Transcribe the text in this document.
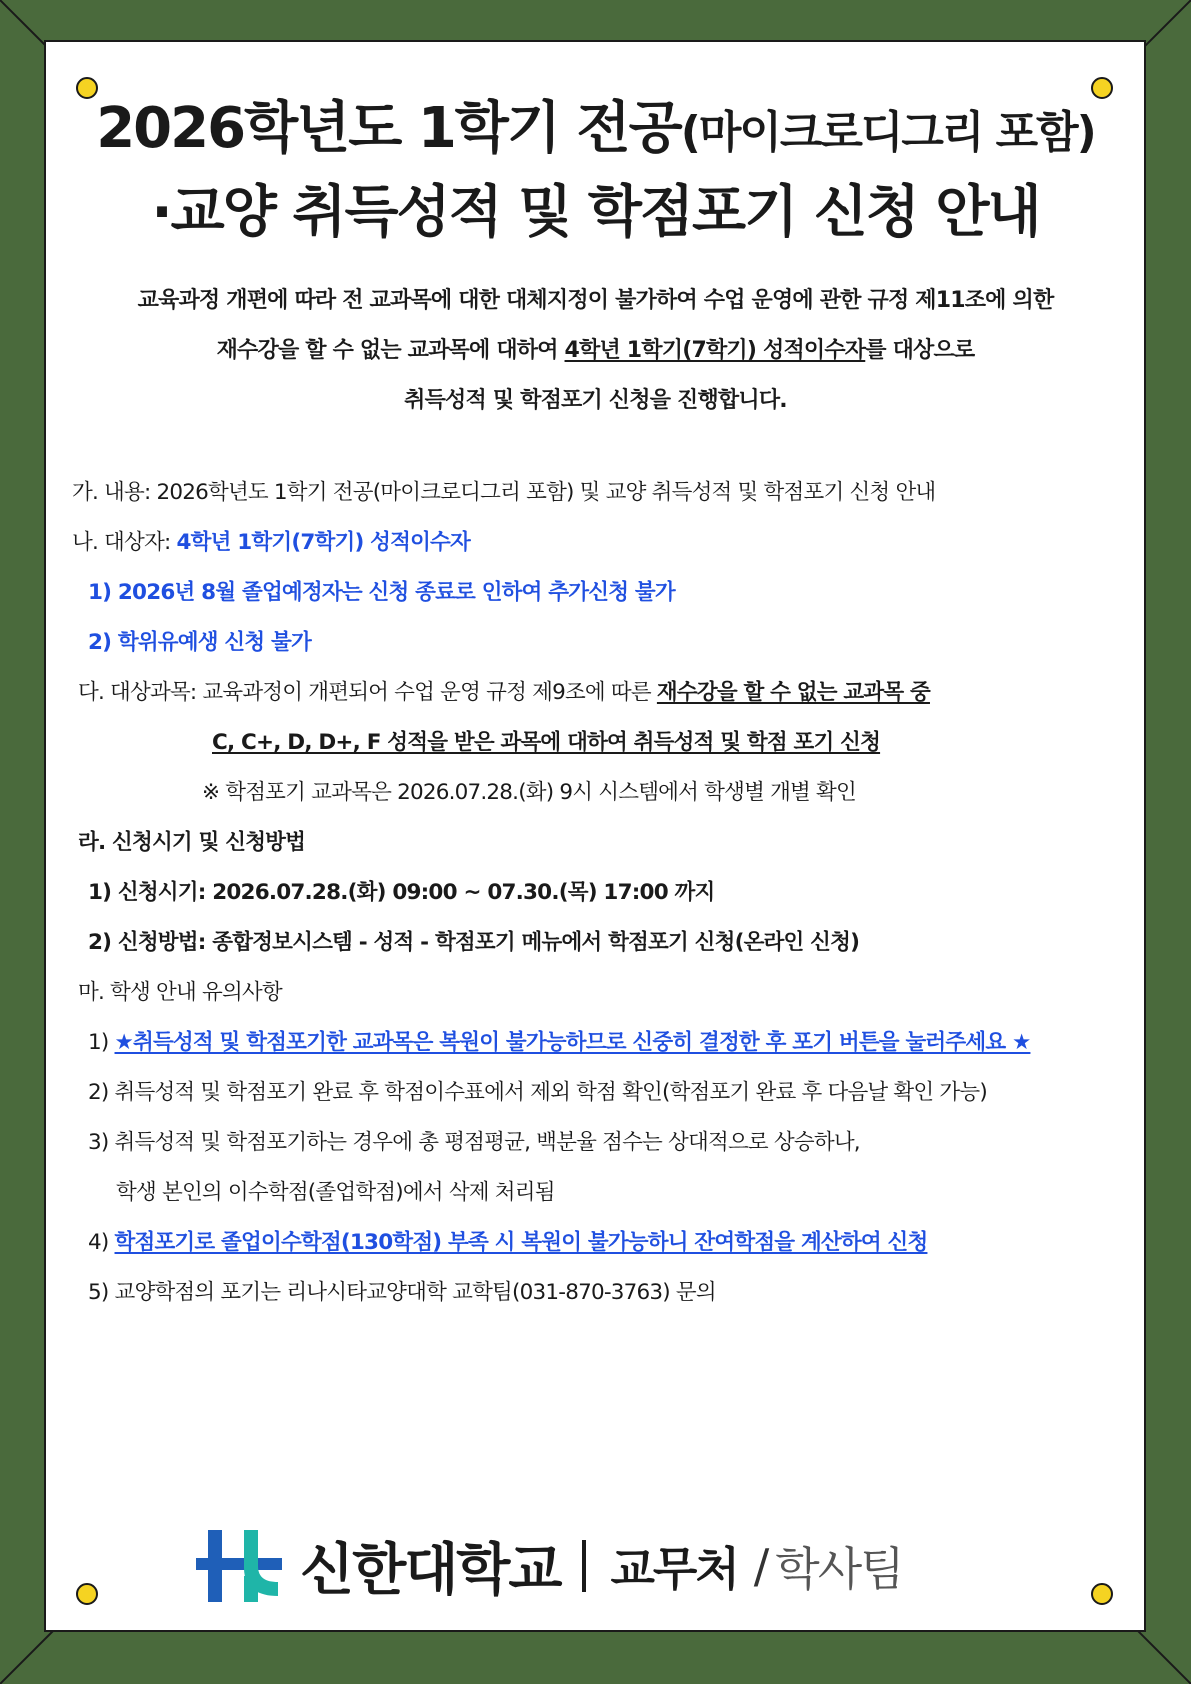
2026학년도 1학기 전공(마이크로디그리 포함)
·교양 취득성적 및 학점포기 신청 안내
교육과정 개편에 따라 전 교과목에 대한 대체지정이 불가하여 수업 운영에 관한 규정 제11조에 의한
재수강을 할 수 없는 교과목에 대하여 4학년 1학기(7학기) 성적이수자를 대상으로
취득성적 및 학점포기 신청을 진행합니다.
가. 내용: 2026학년도 1학기 전공(마이크로디그리 포함) 및 교양 취득성적 및 학점포기 신청 안내
나. 대상자: 4학년 1학기(7학기) 성적이수자
1) 2026년 8월 졸업예정자는 신청 종료로 인하여 추가신청 불가
2) 학위유예생 신청 불가
다. 대상과목: 교육과정이 개편되어 수업 운영 규정 제9조에 따른 재수강을 할 수 없는 교과목 중
C, C+, D, D+, F 성적을 받은 과목에 대하여 취득성적 및 학점 포기 신청
※ 학점포기 교과목은 2026.07.28.(화) 9시 시스템에서 학생별 개별 확인
라. 신청시기 및 신청방법
1) 신청시기: 2026.07.28.(화) 09:00 ~ 07.30.(목) 17:00 까지
2) 신청방법: 종합정보시스템 - 성적 - 학점포기 메뉴에서 학점포기 신청(온라인 신청)
마. 학생 안내 유의사항
1) ★취득성적 및 학점포기한 교과목은 복원이 불가능하므로 신중히 결정한 후 포기 버튼을 눌러주세요 ★
2) 취득성적 및 학점포기 완료 후 학점이수표에서 제외 학점 확인(학점포기 완료 후 다음날 확인 가능)
3) 취득성적 및 학점포기하는 경우에 총 평점평균, 백분율 점수는 상대적으로 상승하나,
학생 본인의 이수학점(졸업학점)에서 삭제 처리됨
4) 학점포기로 졸업이수학점(130학점) 부족 시 복원이 불가능하니 잔여학점을 계산하여 신청
5) 교양학점의 포기는 리나시타교양대학 교학팀(031-870-3763) 문의
신한대학교 교무처 / 학사팀
